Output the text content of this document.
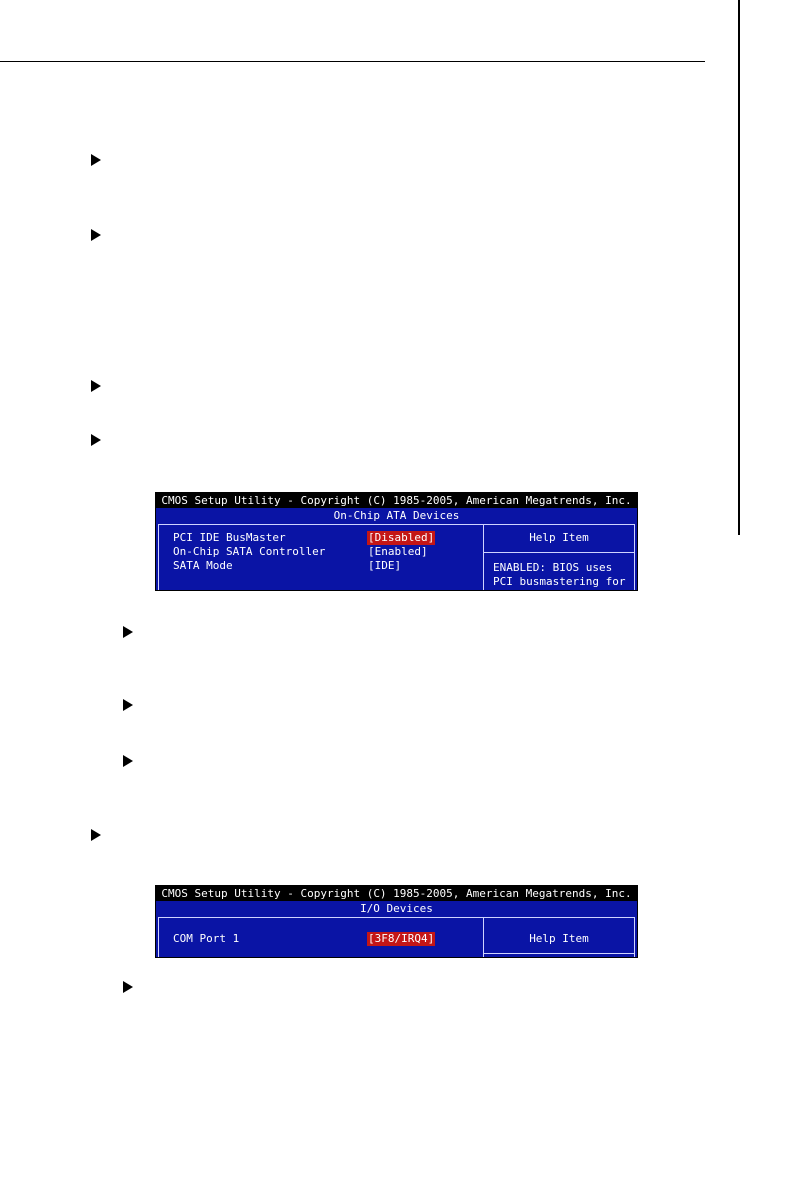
CMOS Setup Utility - Copyright (C) 1985-2005, American Megatrends, Inc.
On-Chip ATA Devices
PCI IDE BusMaster	[Disabled]
On-Chip SATA Controller	[Enabled]
SATA Mode	[IDE]
Help Item
ENABLED: BIOS uses
PCI busmastering for
CMOS Setup Utility - Copyright (C) 1985-2005, American Megatrends, Inc.
I/O Devices
COM Port 1	[3F8/IRQ4]	Help Item
